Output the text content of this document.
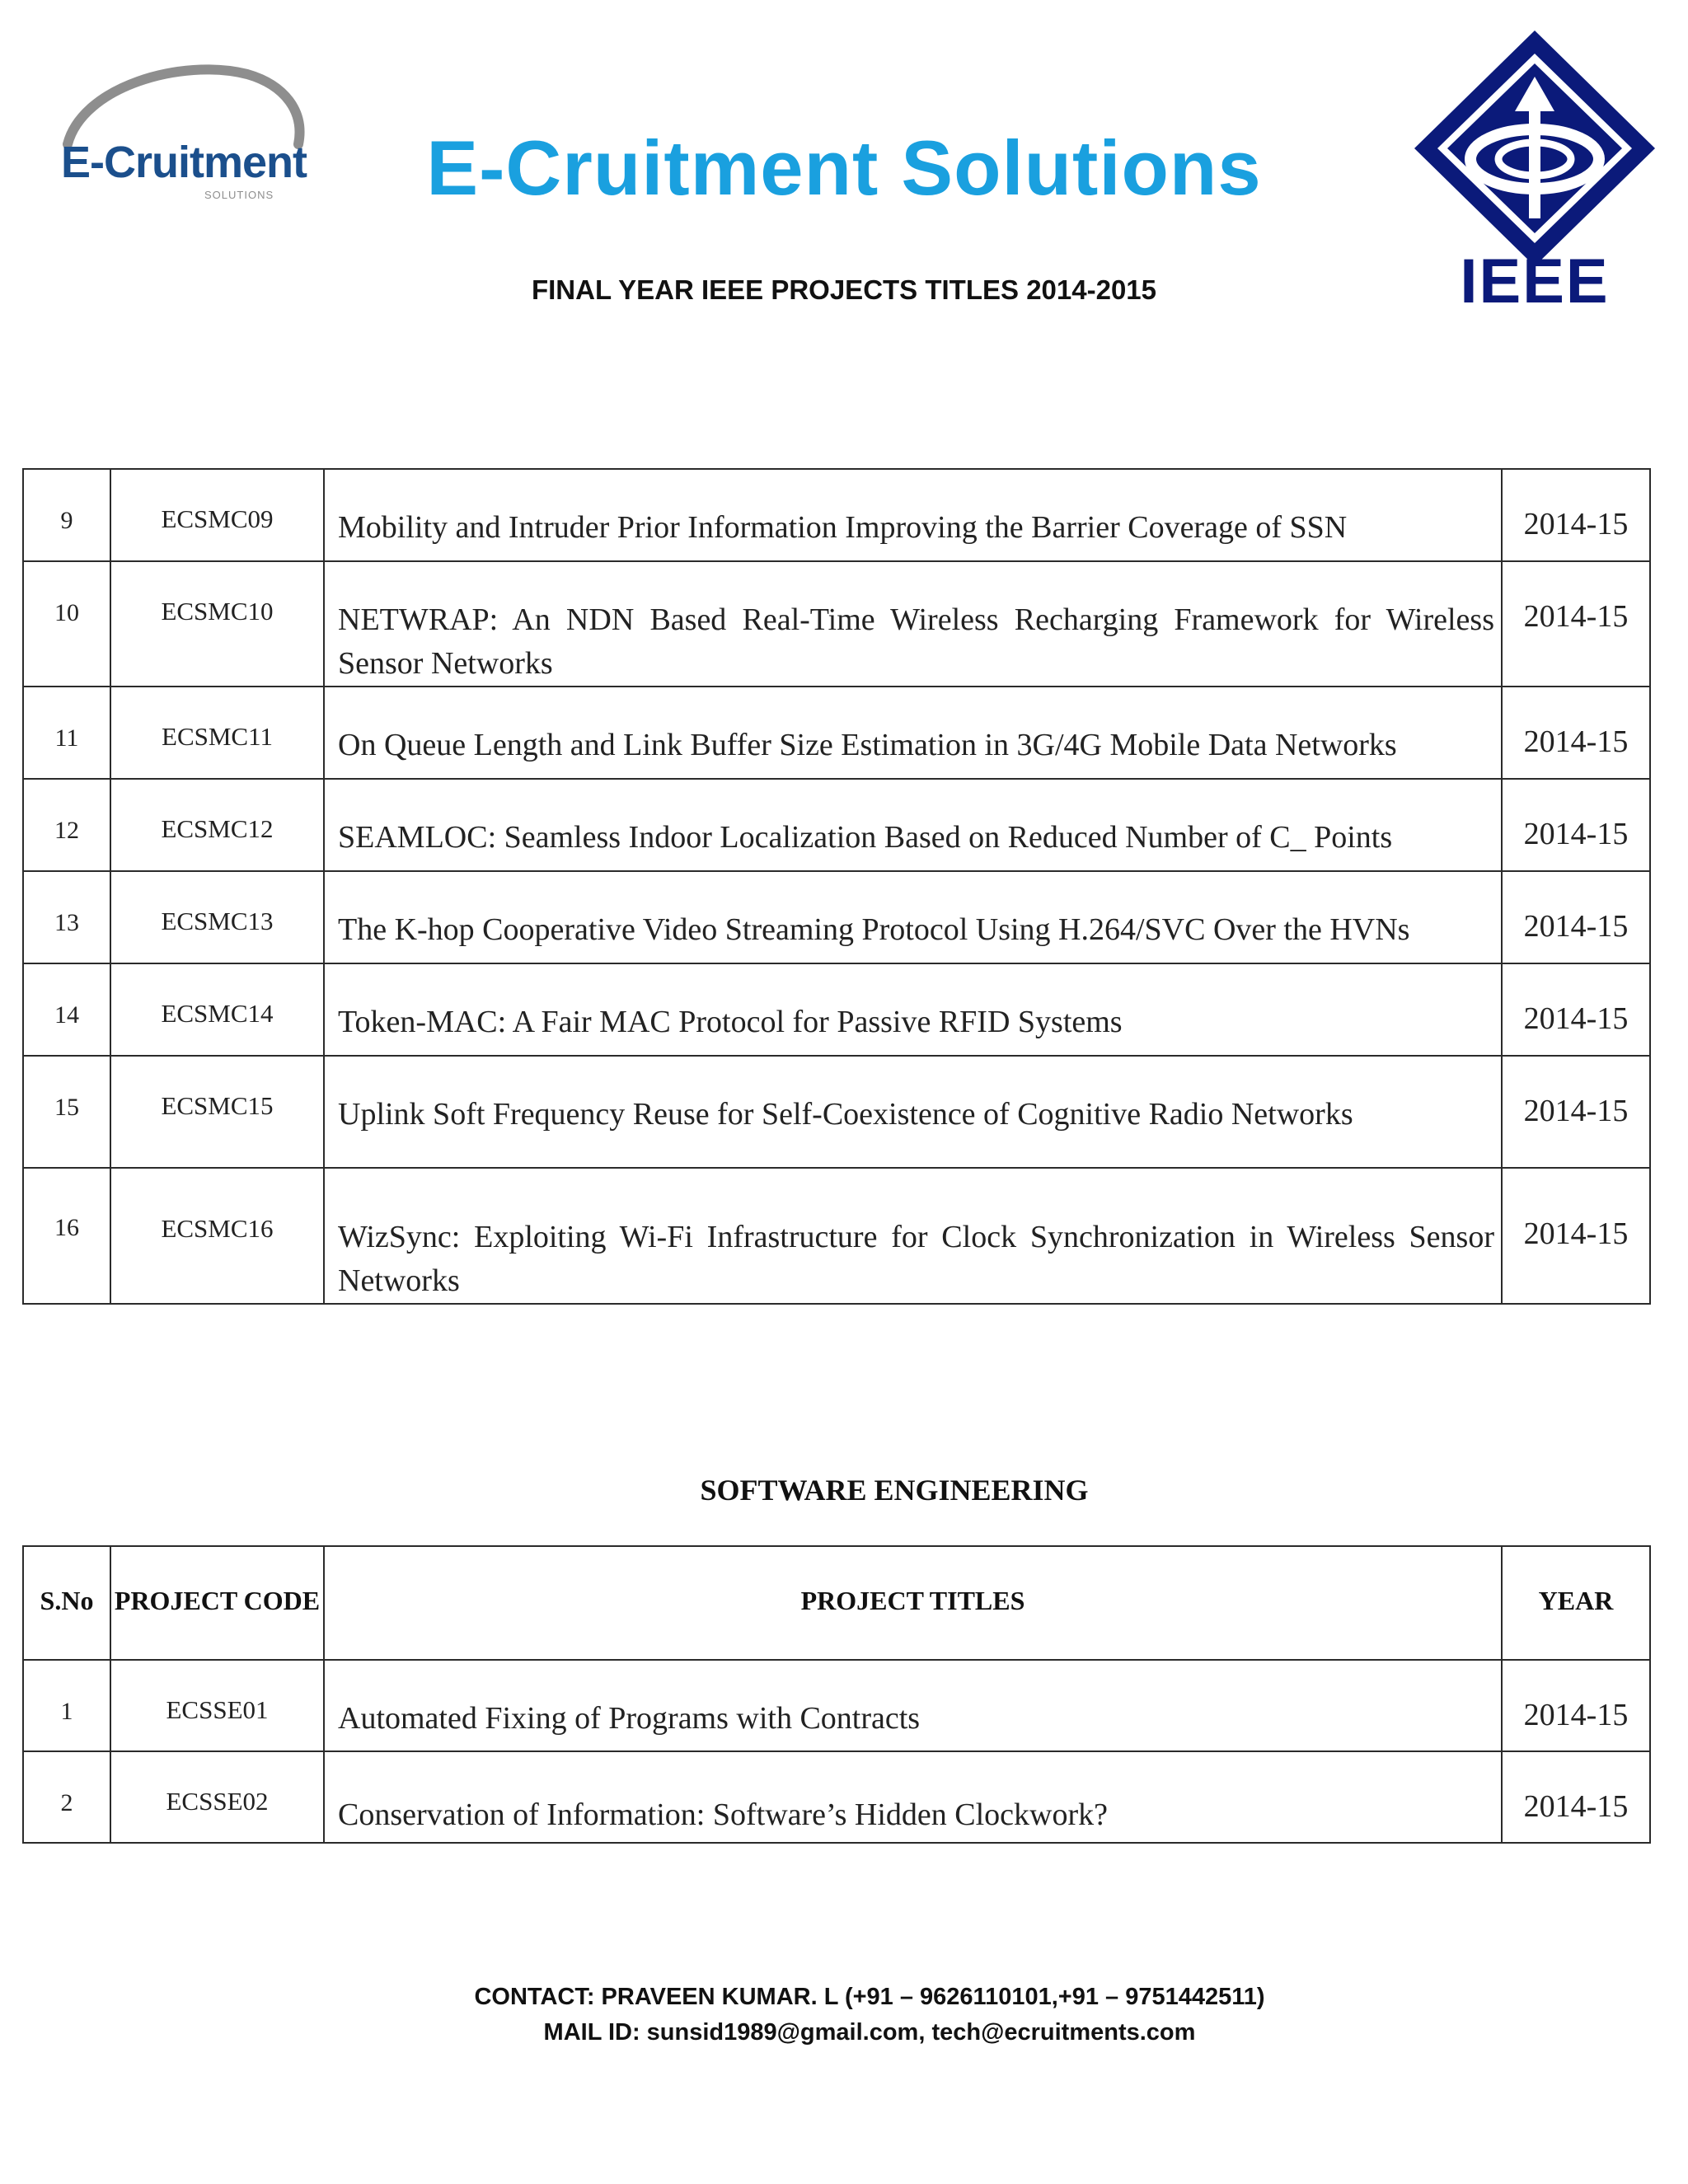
E-Cruitment
SOLUTIONS	E-Cruitment Solutions
FINAL YEAR IEEE PROJECTS TITLES 2014-2015	IEEE
9	ECSMC09	Mobility and Intruder Prior Information Improving the Barrier Coverage of SSN	2014-15

10	ECSMC10	NETWRAP: An NDN Based Real-Time Wireless Recharging Framework for Wireless Sensor Networks	2014-15

11	ECSMC11	On Queue Length and Link Buffer Size Estimation in 3G/4G Mobile Data Networks	2014-15

12	ECSMC12	SEAMLOC: Seamless Indoor Localization Based on Reduced Number of C_ Points	2014-15

13	ECSMC13	The K-hop Cooperative Video Streaming Protocol Using H.264/SVC Over the HVNs	2014-15

14	ECSMC14	Token-MAC: A Fair MAC Protocol for Passive RFID Systems	2014-15

15	ECSMC15	Uplink Soft Frequency Reuse for Self-Coexistence of Cognitive Radio Networks	2014-15

16	ECSMC16	WizSync: Exploiting Wi-Fi Infrastructure for Clock Synchronization in Wireless Sensor Networks	2014-15
SOFTWARE ENGINEERING
S.No	PROJECT CODE	PROJECT TITLES	YEAR

1	ECSSE01	Automated Fixing of Programs with Contracts	2014-15

2	ECSSE02	Conservation of Information: Software’s Hidden Clockwork?	2014-15
CONTACT: PRAVEEN KUMAR. L (+91 – 9626110101,+91 – 9751442511)
MAIL ID: sunsid1989@gmail.com, tech@ecruitments.com
